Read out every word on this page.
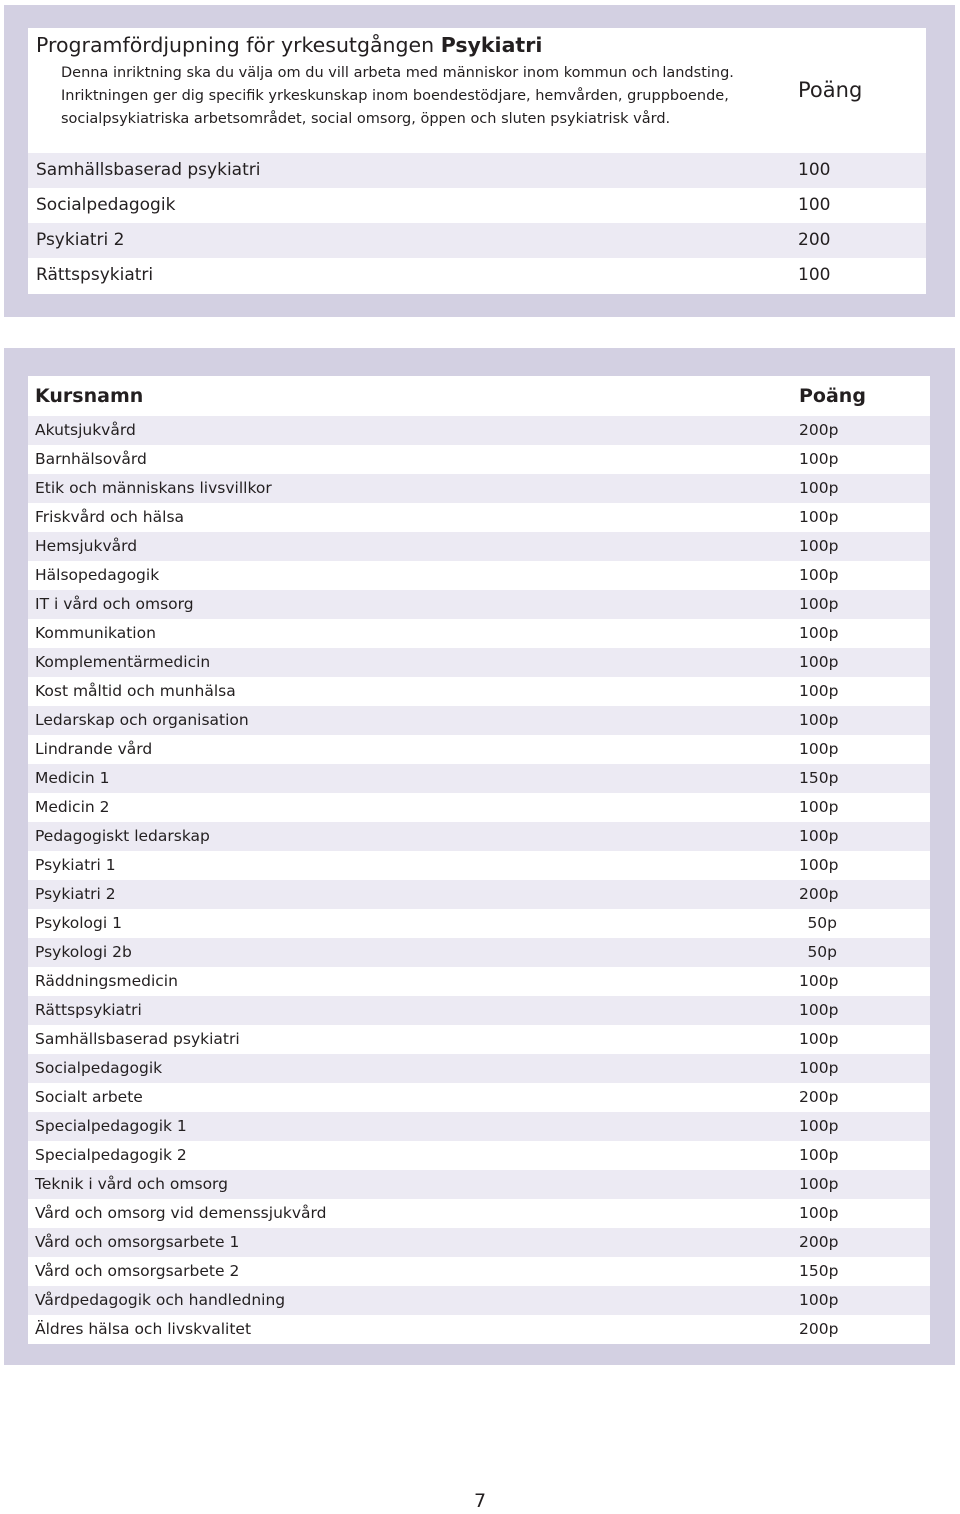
Programfördjupning för yrkesutgången Psykiatri
Denna inriktning ska du välja om du vill arbeta med människor inom kommun och landsting. Inriktningen ger dig specifik yrkeskunskap inom boendestödjare, hemvården, gruppboende, socialpsykiatriska arbetsområdet, social omsorg, öppen och sluten psykiatrisk vård.
Poäng
Samhällsbaserad psykiatri	100
Socialpedagogik	100
Psykiatri 2	200
Rättspsykiatri	100
Kursnamn	Poäng
Akutsjukvård	200p
Barnhälsovård	100p
Etik och människans livsvillkor	100p
Friskvård och hälsa	100p
Hemsjukvård	100p
Hälsopedagogik	100p
IT i vård och omsorg	100p
Kommunikation	100p
Komplementärmedicin	100p
Kost måltid och munhälsa	100p
Ledarskap och organisation	100p
Lindrande vård	100p
Medicin 1	150p
Medicin 2	100p
Pedagogiskt ledarskap	100p
Psykiatri 1	100p
Psykiatri 2	200p
Psykologi 1	50p
Psykologi 2b	50p
Räddningsmedicin	100p
Rättspsykiatri	100p
Samhällsbaserad psykiatri	100p
Socialpedagogik	100p
Socialt arbete	200p
Specialpedagogik 1	100p
Specialpedagogik 2	100p
Teknik i vård och omsorg	100p
Vård och omsorg vid demenssjukvård	100p
Vård och omsorgsarbete 1	200p
Vård och omsorgsarbete 2	150p
Vårdpedagogik och handledning	100p
Äldres hälsa och livskvalitet	200p
7
